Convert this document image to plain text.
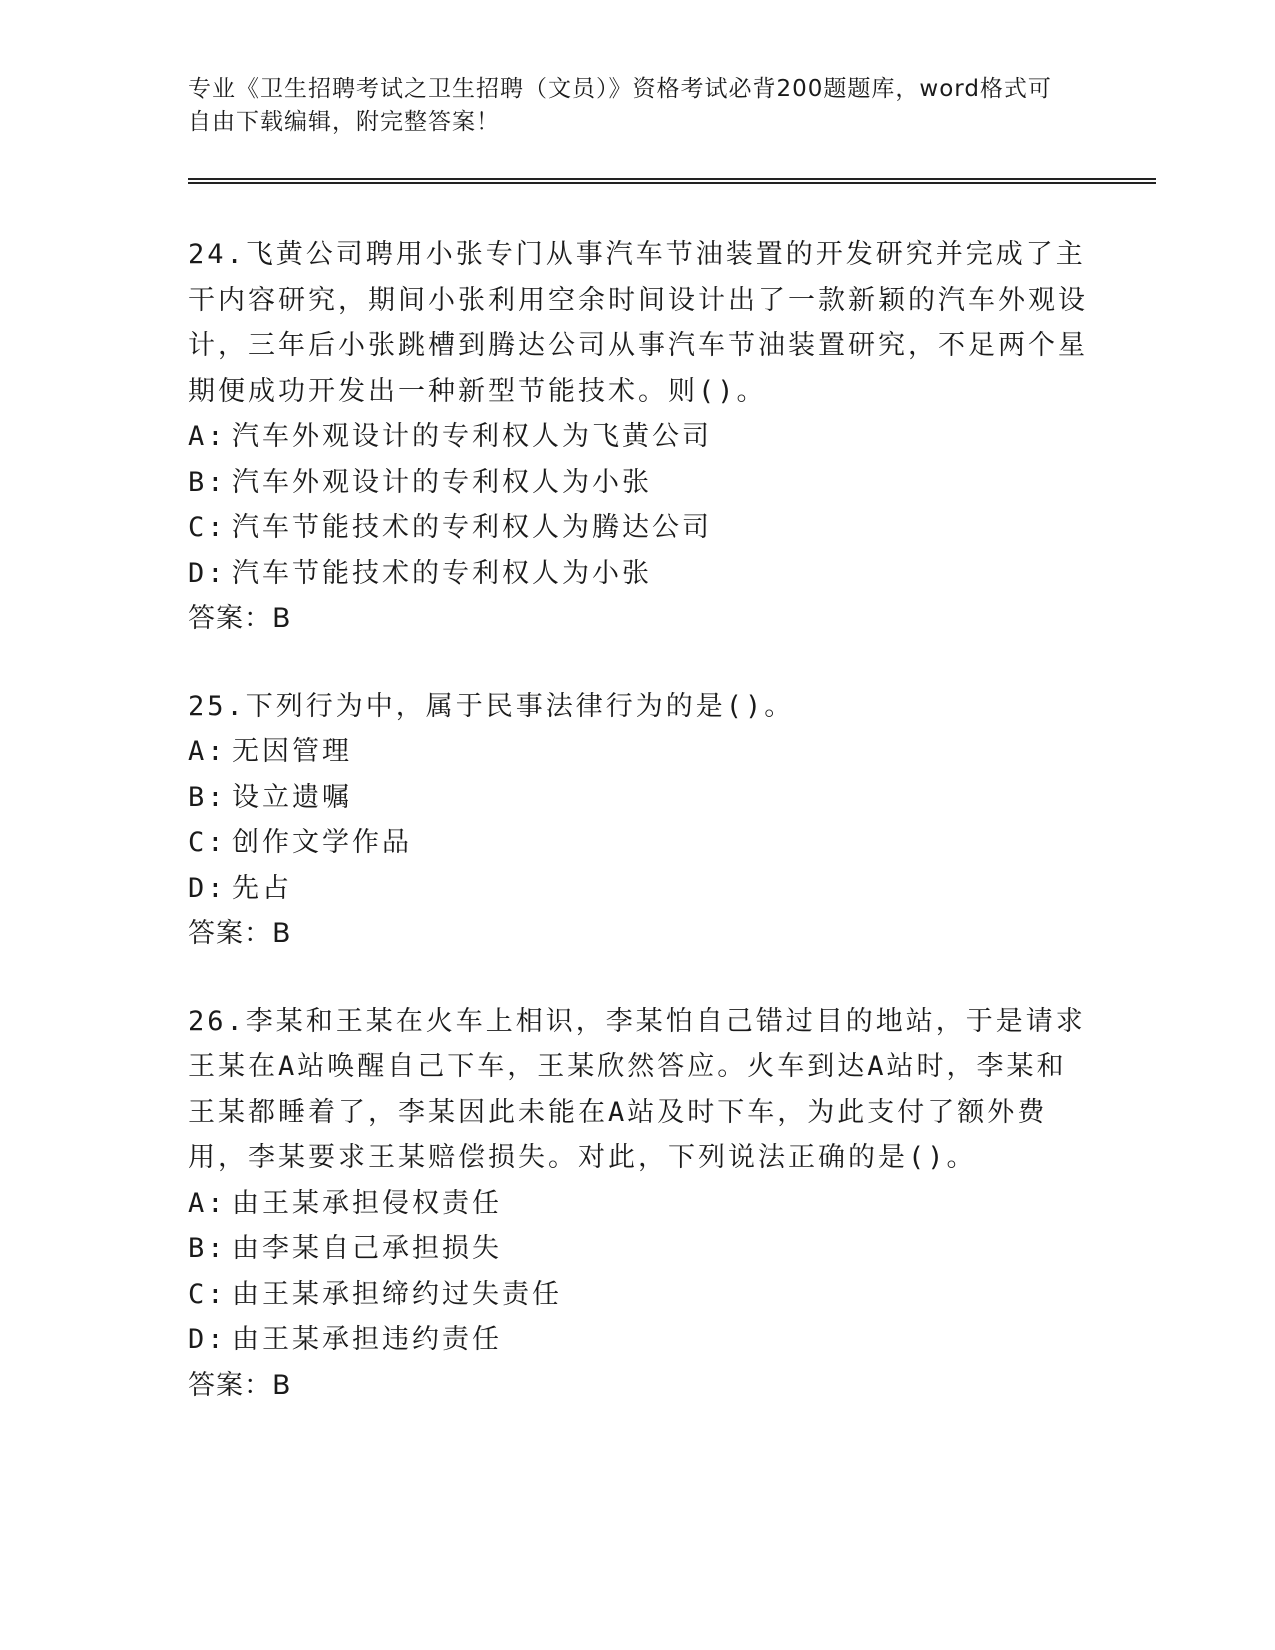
专业《卫生招聘考试之卫生招聘（文员）》资格考试必背200题题库，word格式可自由下载编辑，附完整答案！

24.飞黄公司聘用小张专门从事汽车节油装置的开发研究并完成了主干内容研究，期间小张利用空余时间设计出了一款新颖的汽车外观设计，三年后小张跳槽到腾达公司从事汽车节油装置研究，不足两个星期便成功开发出一种新型节能技术。则()。

A: 汽车外观设计的专利权人为飞黄公司

B: 汽车外观设计的专利权人为小张

C: 汽车节能技术的专利权人为腾达公司

D: 汽车节能技术的专利权人为小张

答案：B

25.下列行为中，属于民事法律行为的是()。

A: 无因管理

B: 设立遗嘱

C: 创作文学作品

D: 先占

答案：B

26.李某和王某在火车上相识，李某怕自己错过目的地站，于是请求王某在A站唤醒自己下车，王某欣然答应。火车到达A站时，李某和王某都睡着了，李某因此未能在A站及时下车，为此支付了额外费用，李某要求王某赔偿损失。对此，下列说法正确的是()。

A: 由王某承担侵权责任

B: 由李某自己承担损失

C: 由王某承担缔约过失责任

D: 由王某承担违约责任

答案：B
